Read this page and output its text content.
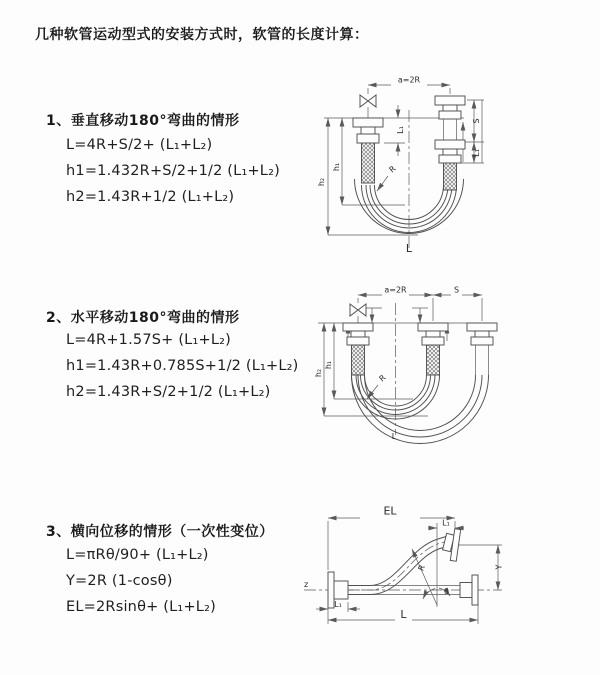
几种软管运动型式的安装方式时，软管的长度计算：
1、垂直移动180°弯曲的情形
L=4R+S/2+ (L₁+L₂)
h1=1.432R+S/2+1/2 (L₁+L₂)
h2=1.43R+1/2 (L₁+L₂)
2、水平移动180°弯曲的情形
L=4R+1.57S+ (L₁+L₂)
h1=1.43R+0.785S+1/2 (L₁+L₂)
h2=1.43R+S/2+1/2 (L₁+L₂)
3、横向位移的情形（一次性变位）
L=πRθ/90+ (L₁+L₂)
Y=2R (1-cosθ)
EL=2Rsinθ+ (L₁+L₂)
a=2R
h₂
h₁
L₁
S
L₁
R
L
a=2R	S
h₂
h₁
R
L
EL
L₁
Y
L
L₁
R
θ
z
